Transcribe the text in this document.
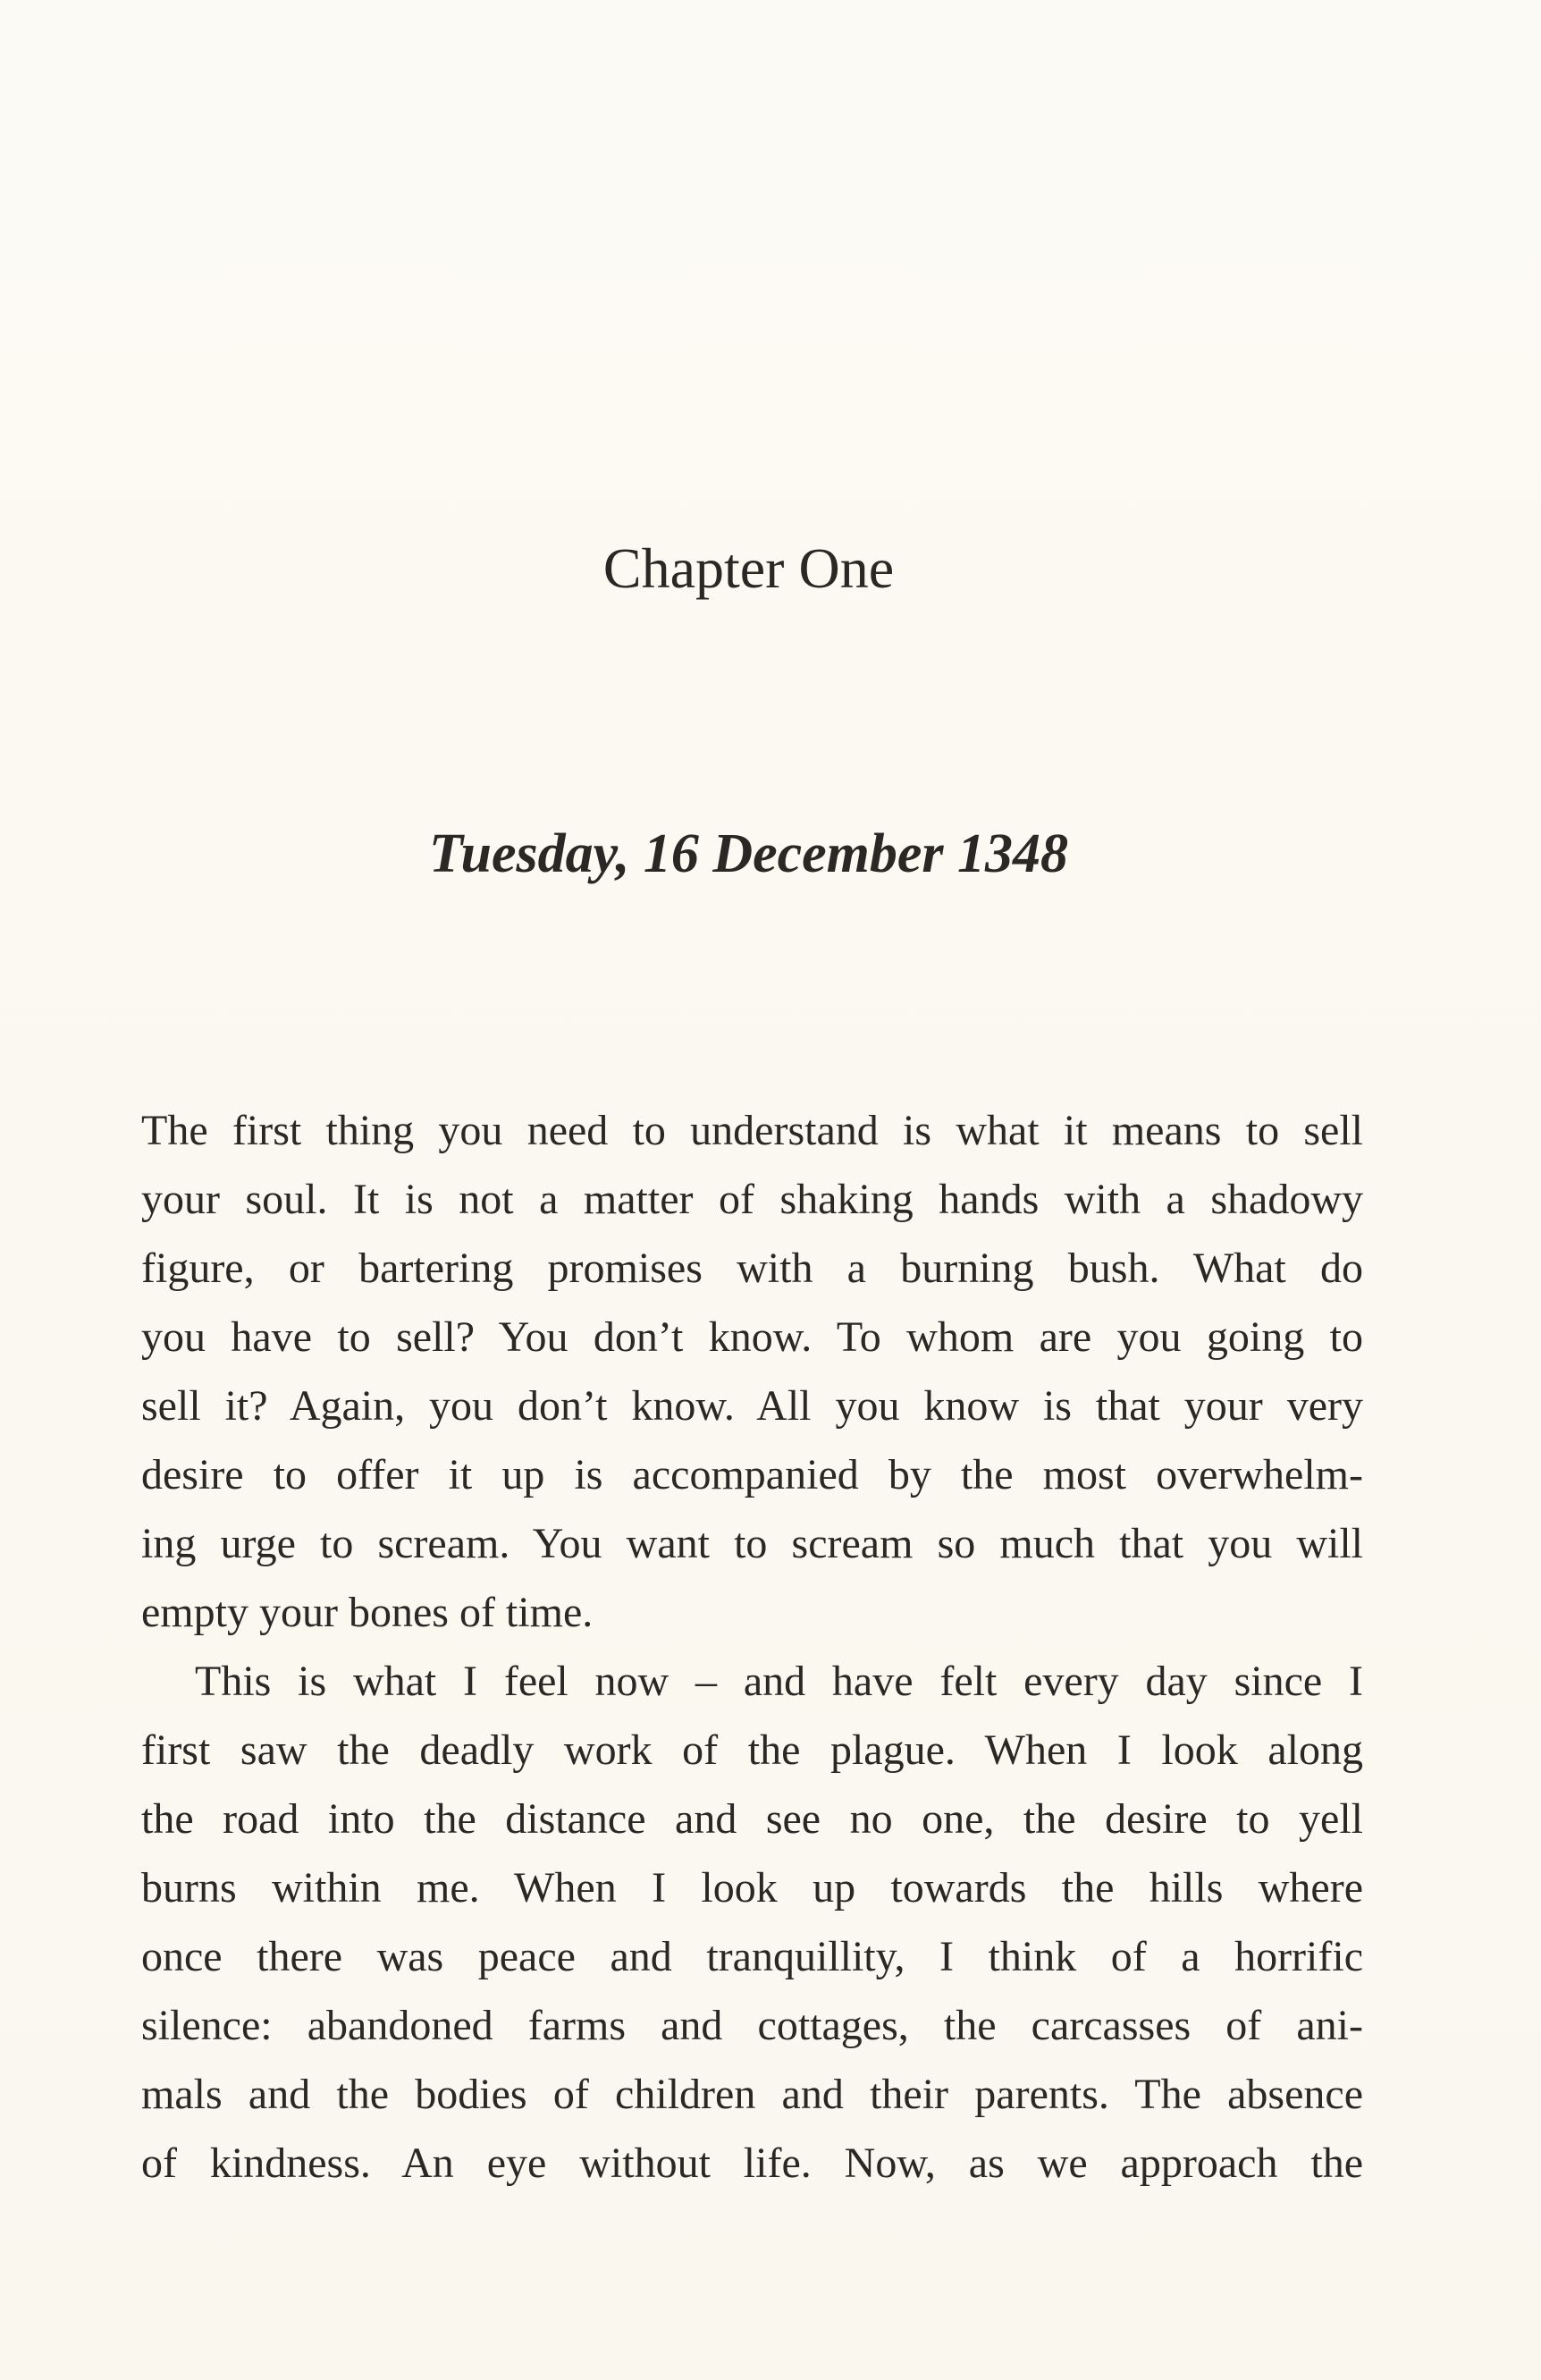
Chapter One
Tuesday, 16 December 1348

The first thing you need to understand is what it means to sell
your soul. It is not a matter of shaking hands with a shadowy
figure, or bartering promises with a burning bush. What do
you have to sell? You don’t know. To whom are you going to
sell it? Again, you don’t know. All you know is that your very
desire to offer it up is accompanied by the most overwhelm-
ing urge to scream. You want to scream so much that you will
empty your bones of time.

This is what I feel now – and have felt every day since I
first saw the deadly work of the plague. When I look along
the road into the distance and see no one, the desire to yell
burns within me. When I look up towards the hills where
once there was peace and tranquillity, I think of a horrific
silence: abandoned farms and cottages, the carcasses of ani-
mals and the bodies of children and their parents. The absence
of kindness. An eye without life. Now, as we approach the
